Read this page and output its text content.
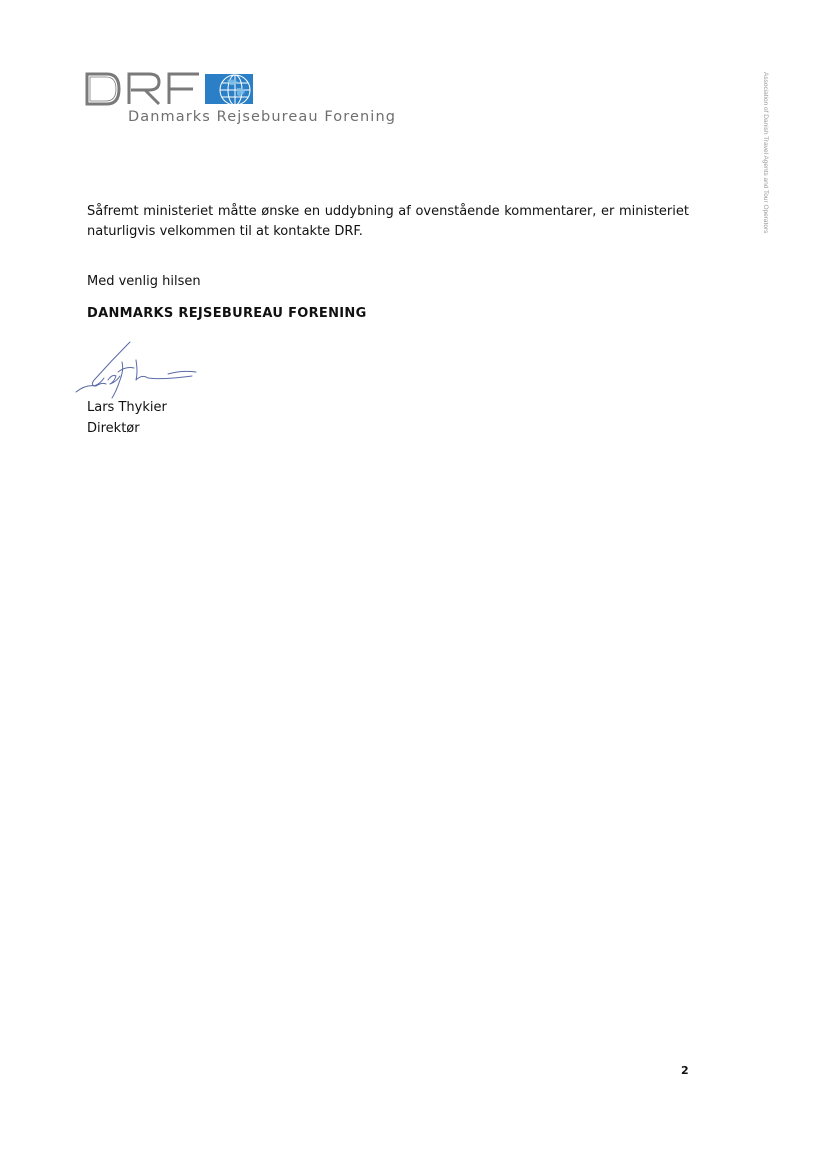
Danmarks Rejsebureau Forening	Association of Danish Travel Agents and Tour Operators

Såfremt ministeriet måtte ønske en uddybning af ovenstående kommentarer, er ministeriet naturligvis velkommen til at kontakte DRF.

Med venlig hilsen

DANMARKS REJSEBUREAU FORENING

Lars Thykier

Direktør

2
